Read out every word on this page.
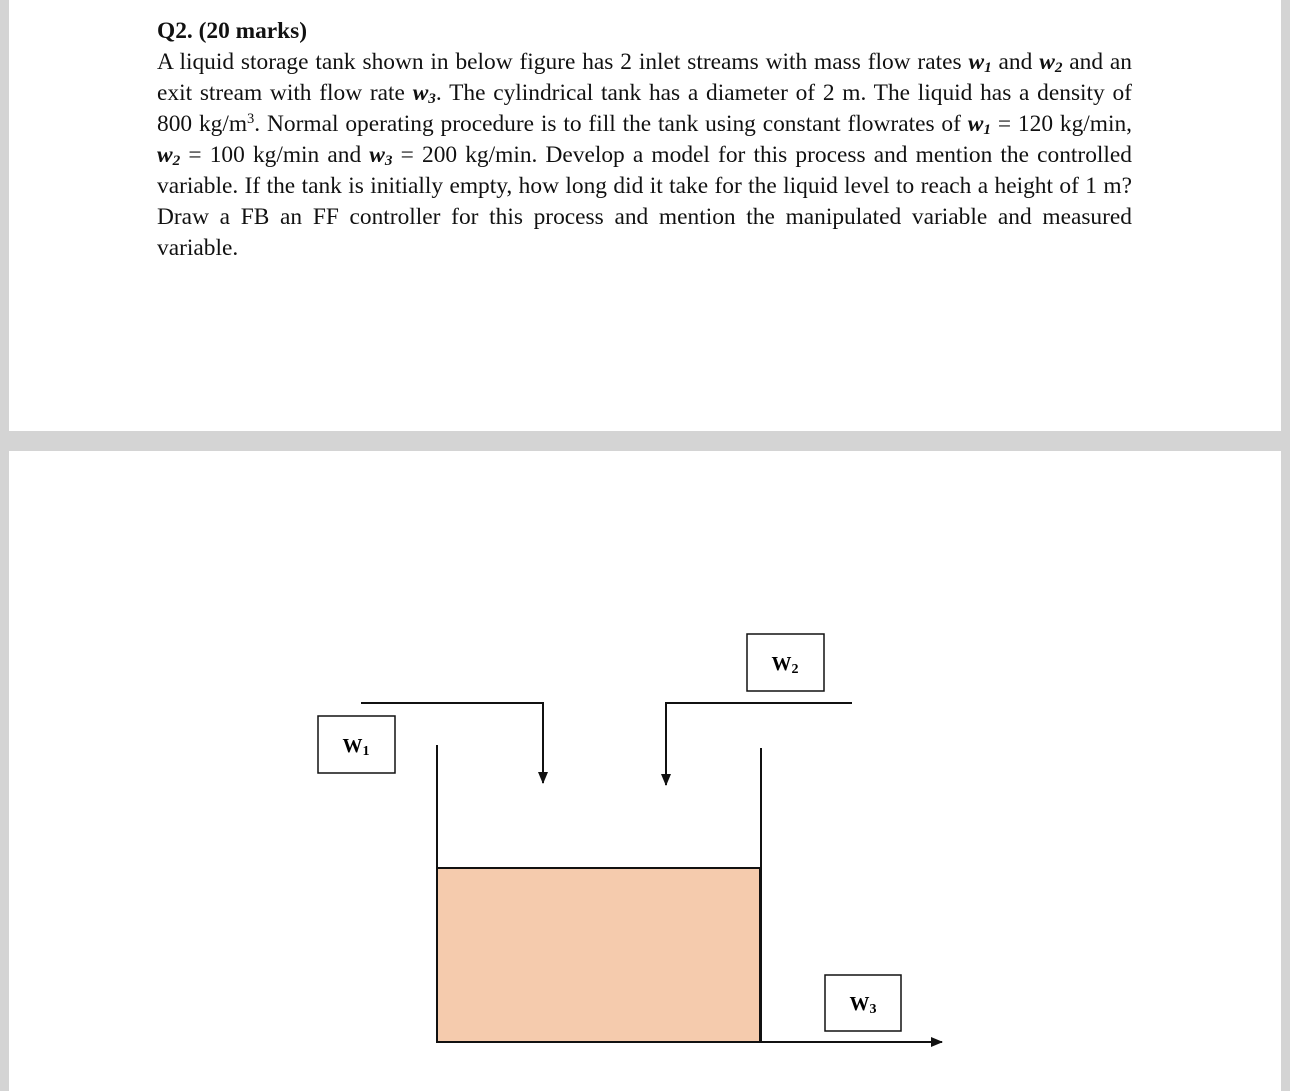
Q2. (20 marks)

A liquid storage tank shown in below figure has 2 inlet streams with mass flow rates $w_1$ and $w_2$ and an exit stream with flow rate $w_3$. The cylindrical tank has a diameter of 2 m. The liquid has a density of 800 $kg/m^3$. Normal operating procedure is to fill the tank using constant flowrates of $w_1 = 120$ kg/min, $w_2 = 100$ kg/min and $w_3 = 200$ kg/min. Develop a model for this process and mention the controlled variable. If the tank is initially empty, how long did it take for the liquid level to reach a height of 1 m? Draw a FB an FF controller for this process and mention the manipulated variable and measured variable.

W1
W2
W3
